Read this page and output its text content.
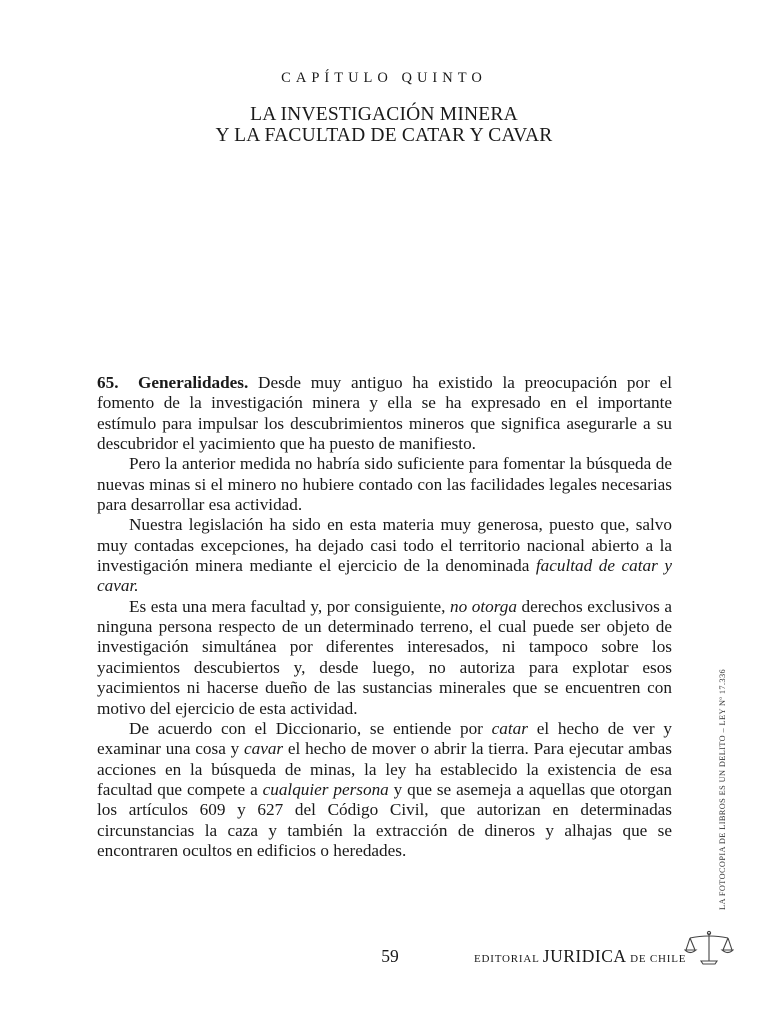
CAPÍTULO QUINTO
LA INVESTIGACIÓN MINERA
Y LA FACULTAD DE CATAR Y CAVAR

65. Generalidades. Desde muy antiguo ha existido la preocupación por el fomento de la investigación minera y ella se ha expresado en el importante estímulo para impulsar los descubrimientos mineros que significa asegurarle a su descubridor el yacimiento que ha puesto de manifiesto.

Pero la anterior medida no habría sido suficiente para fomentar la búsqueda de nuevas minas si el minero no hubiere contado con las facilidades legales necesarias para desarrollar esa actividad.

Nuestra legislación ha sido en esta materia muy generosa, puesto que, salvo muy contadas excepciones, ha dejado casi todo el territorio nacional abierto a la investigación minera mediante el ejercicio de la denominada facultad de catar y cavar.

Es esta una mera facultad y, por consiguiente, no otorga derechos exclusivos a ninguna persona respecto de un determinado terreno, el cual puede ser objeto de investigación simultánea por diferentes interesados, ni tampoco sobre los yacimientos descubiertos y, desde luego, no autoriza para explotar esos yacimientos ni hacerse dueño de las sustancias minerales que se encuentren con motivo del ejercicio de esta actividad.

De acuerdo con el Diccionario, se entiende por catar el hecho de ver y examinar una cosa y cavar el hecho de mover o abrir la tierra. Para ejecutar ambas acciones en la búsqueda de minas, la ley ha establecido la existencia de esa facultad que compete a cualquier persona y que se asemeja a aquellas que otorgan los artículos 609 y 627 del Código Civil, que autorizan en determinadas circunstancias la caza y también la extracción de dineros y alhajas que se encontraren ocultos en edificios o heredades.

59	EDITORIAL JURIDICA DE CHILE
LA FOTOCOPIA DE LIBROS ES UN DELITO – LEY Nº 17.336
